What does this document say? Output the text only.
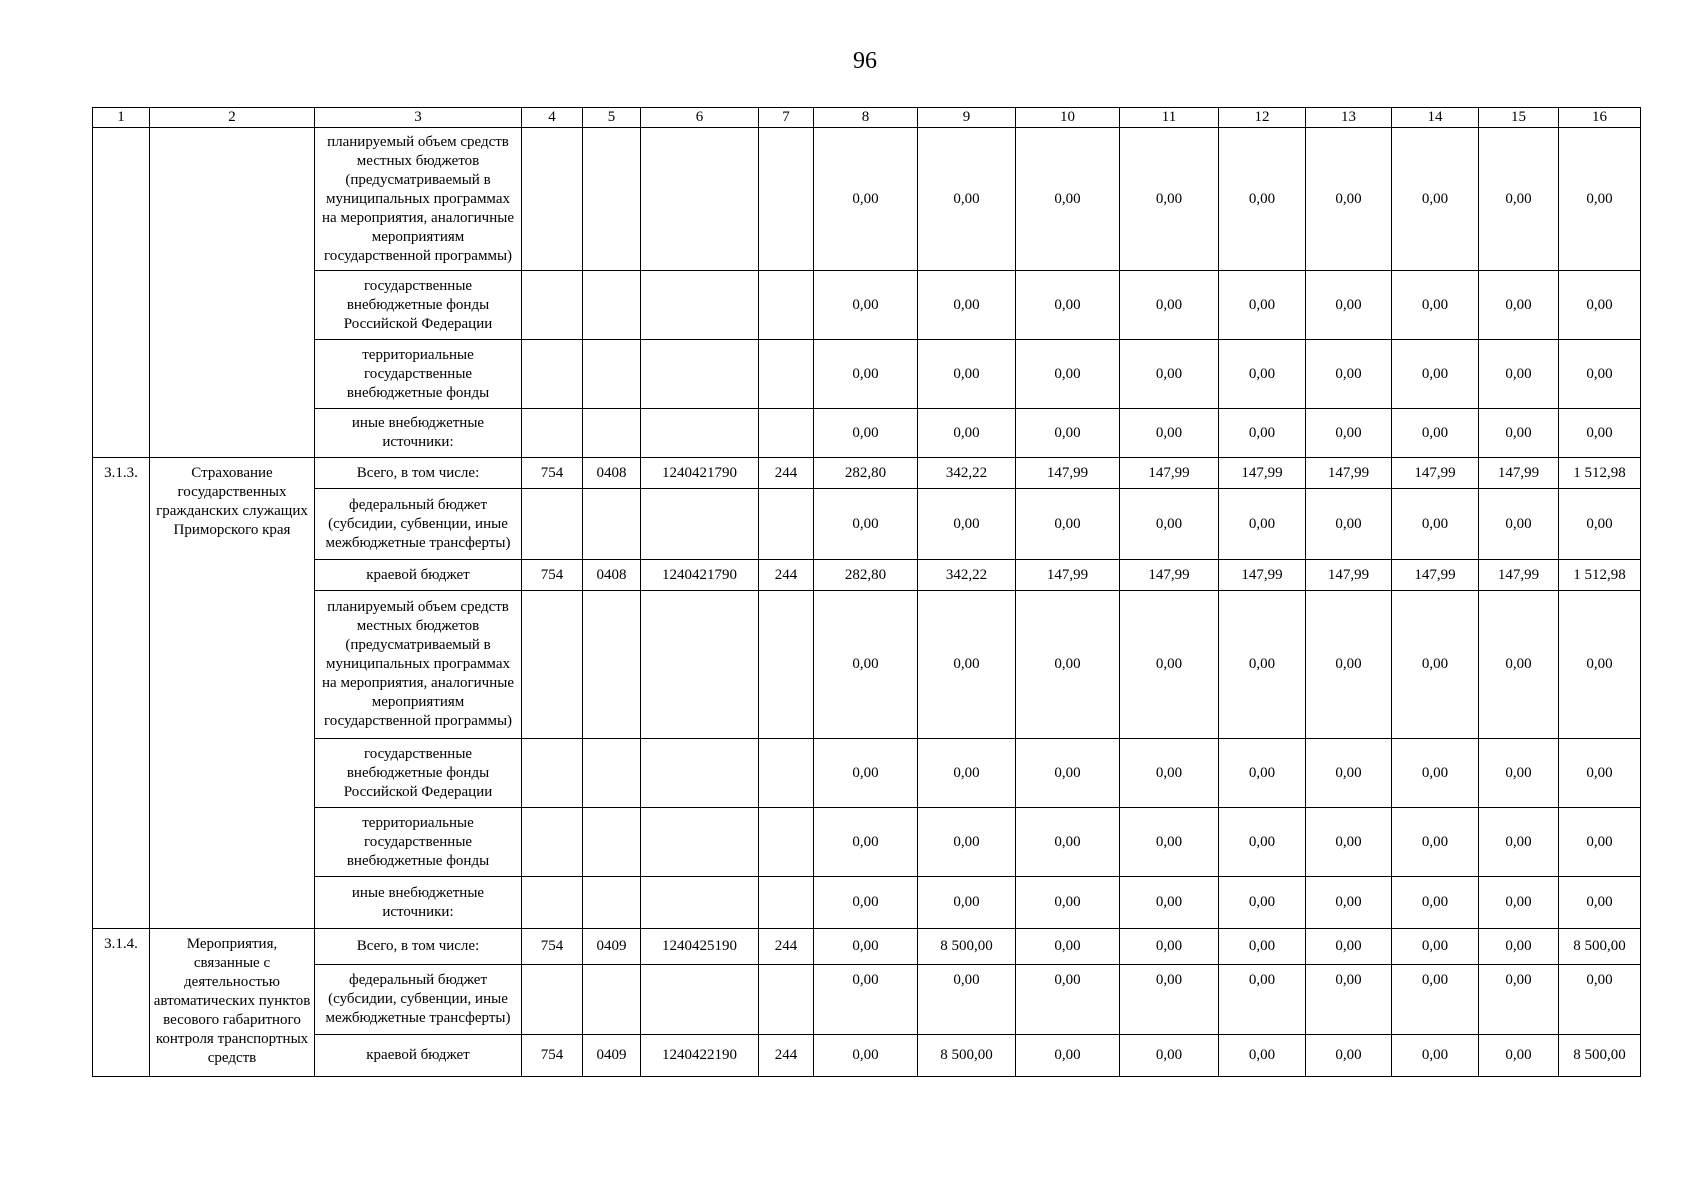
96
1	2	3	4	5	6	7	8	9	10	11	12	13	14	15	16
		планируемый объем средств местных бюджетов (предусматриваемый в муниципальных программах на мероприятия, аналогичные мероприятиям государственной программы)					0,00	0,00	0,00	0,00	0,00	0,00	0,00	0,00	0,00
		государственные внебюджетные фонды Российской Федерации					0,00	0,00	0,00	0,00	0,00	0,00	0,00	0,00	0,00
		территориальные государственные внебюджетные фонды					0,00	0,00	0,00	0,00	0,00	0,00	0,00	0,00	0,00
		иные внебюджетные источники:					0,00	0,00	0,00	0,00	0,00	0,00	0,00	0,00	0,00
3.1.3.	Страхование государственных гражданских служащих Приморского края	Всего, в том числе:	754	0408	1240421790	244	282,80	342,22	147,99	147,99	147,99	147,99	147,99	147,99	1 512,98
		федеральный бюджет (субсидии, субвенции, иные межбюджетные трансферты)					0,00	0,00	0,00	0,00	0,00	0,00	0,00	0,00	0,00
		краевой бюджет	754	0408	1240421790	244	282,80	342,22	147,99	147,99	147,99	147,99	147,99	147,99	1 512,98
		планируемый объем средств местных бюджетов (предусматриваемый в муниципальных программах на мероприятия, аналогичные мероприятиям государственной программы)					0,00	0,00	0,00	0,00	0,00	0,00	0,00	0,00	0,00
		государственные внебюджетные фонды Российской Федерации					0,00	0,00	0,00	0,00	0,00	0,00	0,00	0,00	0,00
		территориальные государственные внебюджетные фонды					0,00	0,00	0,00	0,00	0,00	0,00	0,00	0,00	0,00
		иные внебюджетные источники:					0,00	0,00	0,00	0,00	0,00	0,00	0,00	0,00	0,00
3.1.4.	Мероприятия, связанные с деятельностью автоматических пунктов весового габаритного контроля транспортных средств	Всего, в том числе:	754	0409	1240425190	244	0,00	8 500,00	0,00	0,00	0,00	0,00	0,00	0,00	8 500,00
		федеральный бюджет (субсидии, субвенции, иные межбюджетные трансферты)					0,00	0,00	0,00	0,00	0,00	0,00	0,00	0,00	0,00
		краевой бюджет	754	0409	1240422190	244	0,00	8 500,00	0,00	0,00	0,00	0,00	0,00	0,00	8 500,00
